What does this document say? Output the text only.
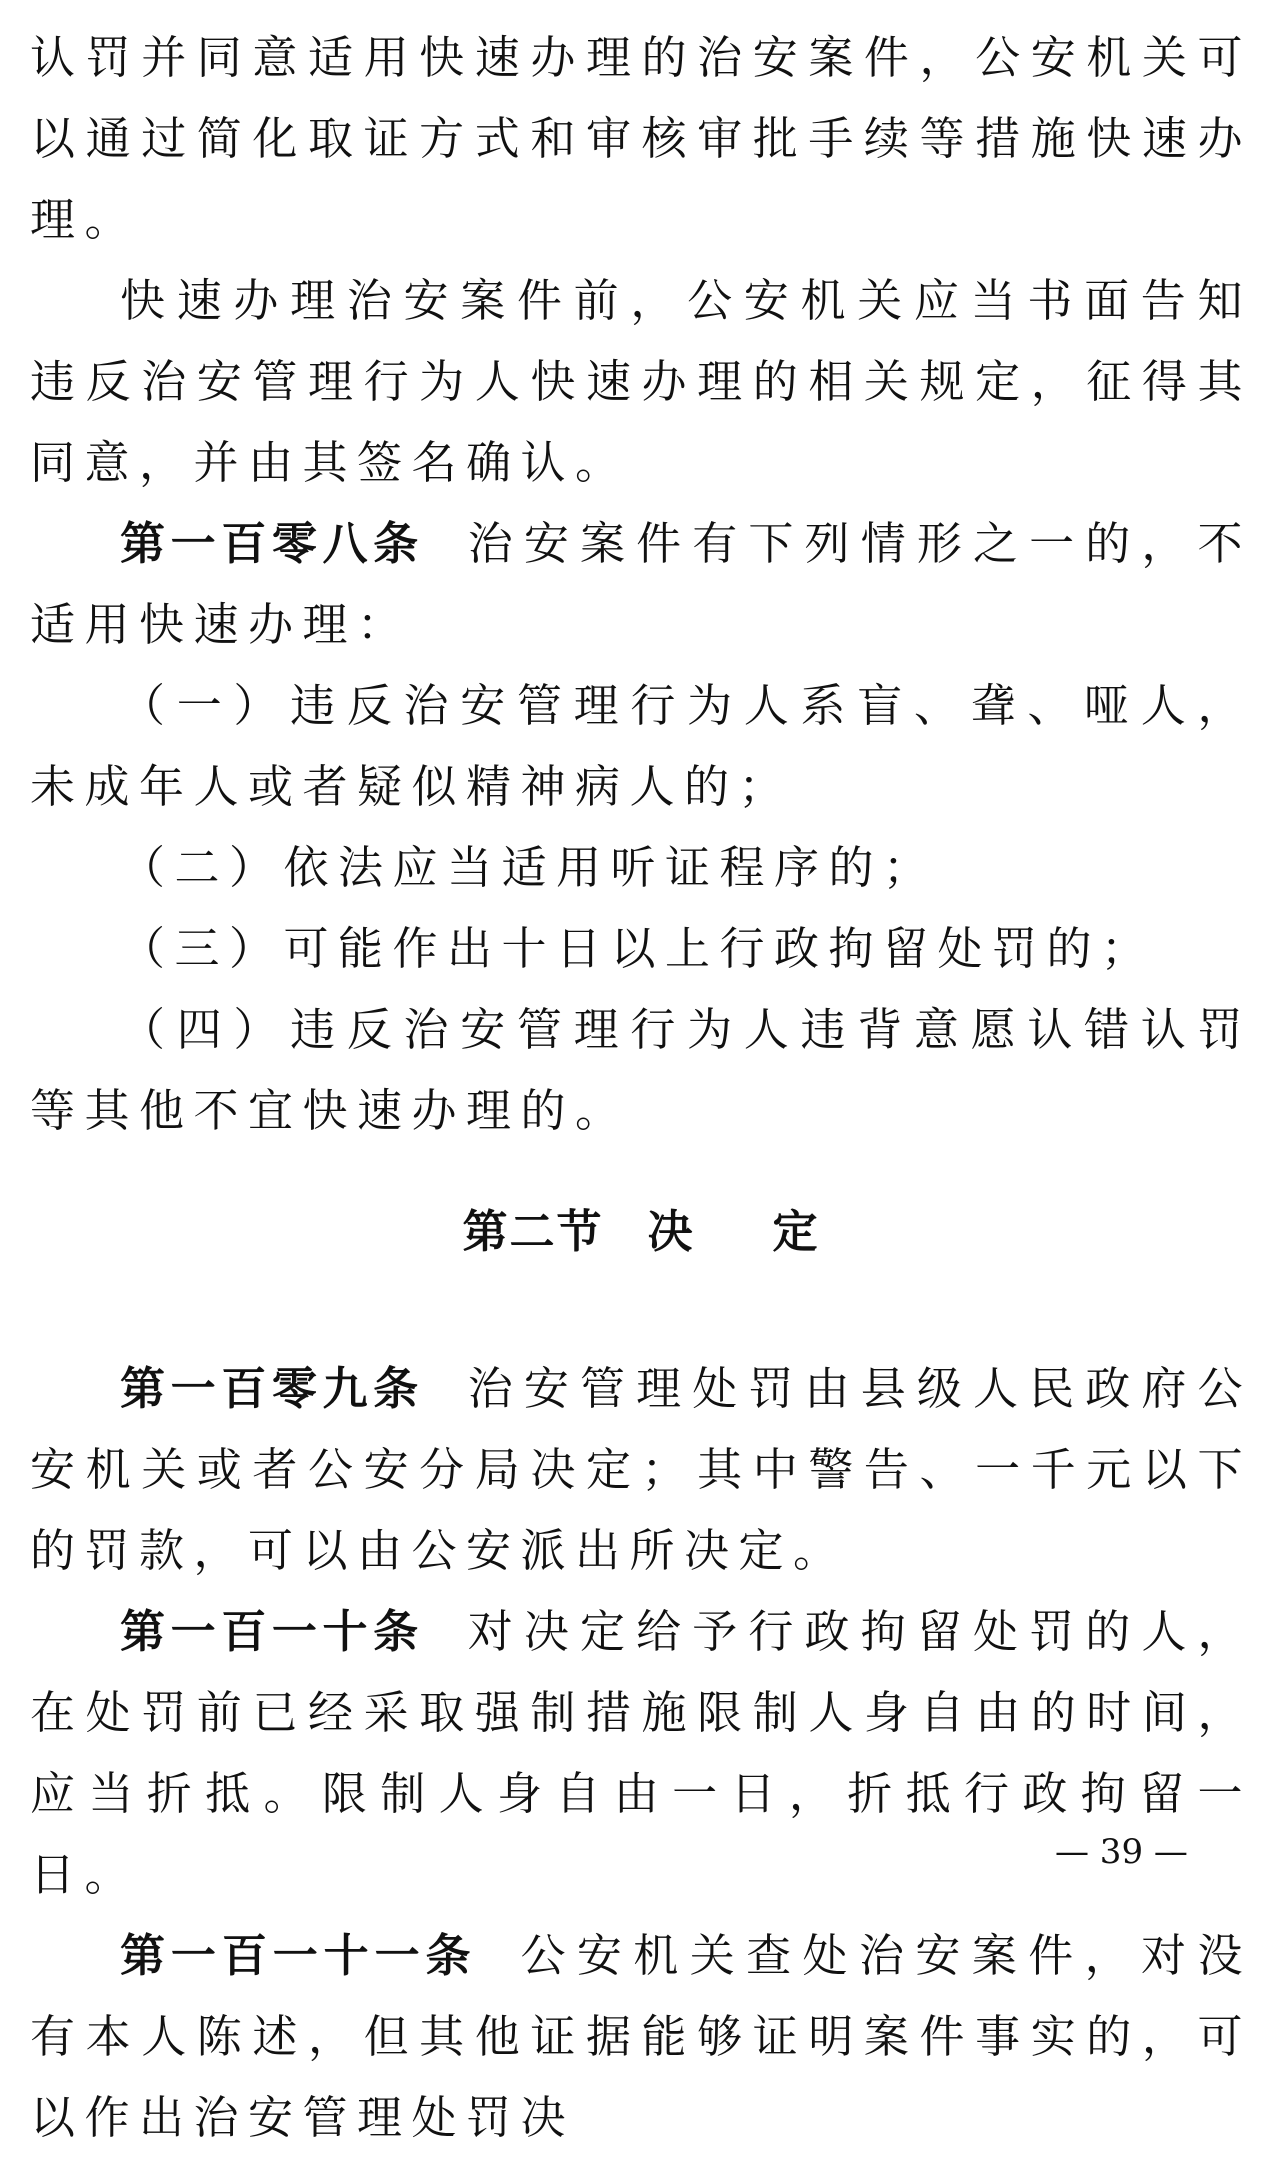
认罚并同意适用快速办理的治安案件，公安机关可以通过简化取证方式和审核审批手续等措施快速办理。

快速办理治安案件前，公安机关应当书面告知违反治安管理行为人快速办理的相关规定，征得其同意，并由其签名确认。

第一百零八条 治安案件有下列情形之一的，不适用快速办理：

（一）违反治安管理行为人系盲、聋、哑人，未成年人或者疑似精神病人的；

（二）依法应当适用听证程序的；

（三）可能作出十日以上行政拘留处罚的；

（四）违反治安管理行为人违背意愿认错认罚等其他不宜快速办理的。

第二节 决 定

第一百零九条 治安管理处罚由县级人民政府公安机关或者公安分局决定；其中警告、一千元以下的罚款，可以由公安派出所决定。

第一百一十条 对决定给予行政拘留处罚的人，在处罚前已经采取强制措施限制人身自由的时间，应当折抵。限制人身自由一日，折抵行政拘留一日。

第一百一十一条 公安机关查处治安案件，对没有本人陈述，但其他证据能够证明案件事实的，可以作出治安管理处罚决

— 39 —
